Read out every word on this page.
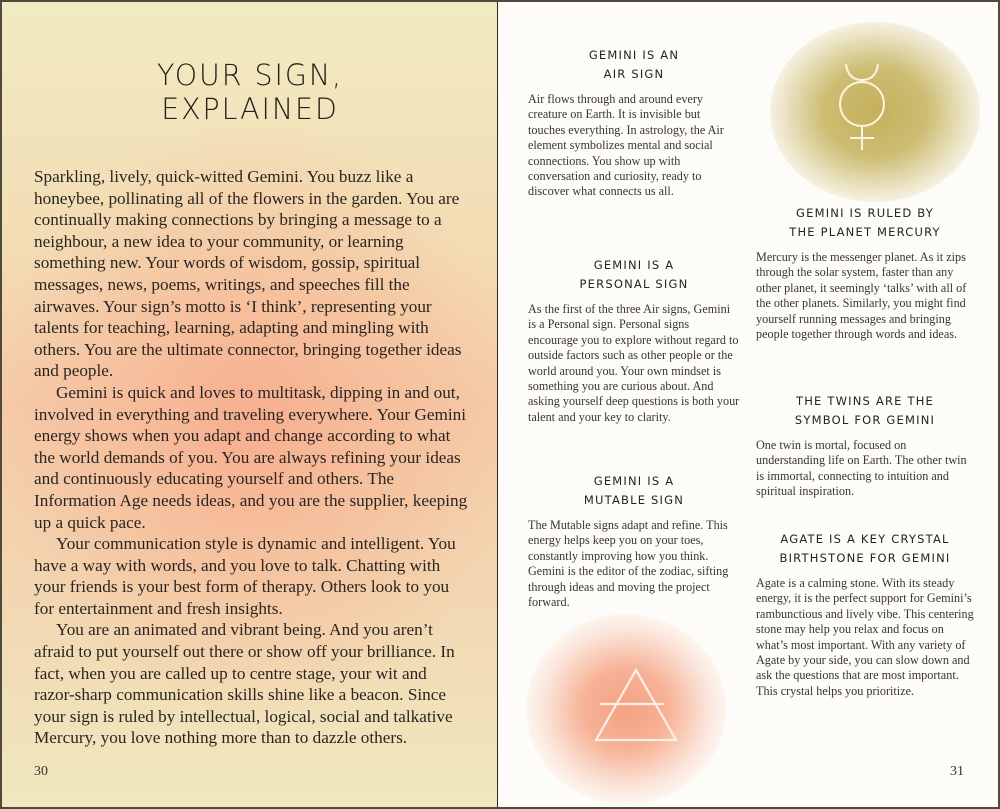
YOUR SIGN,
EXPLAINED

Sparkling, lively, quick-witted Gemini. You buzz like a honeybee, pollinating all of the flowers in the garden. You are continually making connections by bringing a message to a neighbour, a new idea to your community, or learning something new. Your words of wisdom, gossip, spiritual messages, news, poems, writings, and speeches fill the airwaves. Your sign’s motto is ‘I think’, representing your talents for teaching, learning, adapting and mingling with others. You are the ultimate connector, bringing together ideas and people.

Gemini is quick and loves to multitask, dipping in and out, involved in everything and traveling everywhere. Your Gemini energy shows when you adapt and change according to what the world demands of you. You are always refining your ideas and continuously educating yourself and others. The Information Age needs ideas, and you are the supplier, keeping up a quick pace.

Your communication style is dynamic and intelligent. You have a way with words, and you love to talk. Chatting with your friends is your best form of therapy. Others look to you for entertainment and fresh insights.

You are an animated and vibrant being. And you aren’t afraid to put yourself out there or show off your brilliance. In fact, when you are called up to centre stage, your wit and razor-sharp communication skills shine like a beacon. Since your sign is ruled by intellectual, logical, social and talkative Mercury, you love nothing more than to dazzle others.

30
GEMINI IS AN
AIR SIGN

Air flows through and around every creature on Earth. It is invisible but touches everything. In astrology, the Air element symbolizes mental and social connections. You show up with conversation and curiosity, ready to discover what connects us all.

GEMINI IS A
PERSONAL SIGN

As the first of the three Air signs, Gemini is a Personal sign. Personal signs encourage you to explore without regard to outside factors such as other people or the world around you. Your own mindset is something you are curious about. And asking yourself deep questions is both your talent and your key to clarity.

GEMINI IS A
MUTABLE SIGN

The Mutable signs adapt and refine. This energy helps keep you on your toes, constantly improving how you think. Gemini is the editor of the zodiac, sifting through ideas and moving the project forward.

GEMINI IS RULED BY
THE PLANET MERCURY

Mercury is the messenger planet. As it zips through the solar system, faster than any other planet, it seemingly ‘talks’ with all of the other planets. Similarly, you might find yourself running messages and bringing people together through words and ideas.

THE TWINS ARE THE
SYMBOL FOR GEMINI

One twin is mortal, focused on understanding life on Earth. The other twin is immortal, connecting to intuition and spiritual inspiration.

AGATE IS A KEY CRYSTAL
BIRTHSTONE FOR GEMINI

Agate is a calming stone. With its steady energy, it is the perfect support for Gemini’s rambunctious and lively vibe. This centering stone may help you relax and focus on what’s most important. With any variety of Agate by your side, you can slow down and ask the questions that are most important. This crystal helps you prioritize.

31
